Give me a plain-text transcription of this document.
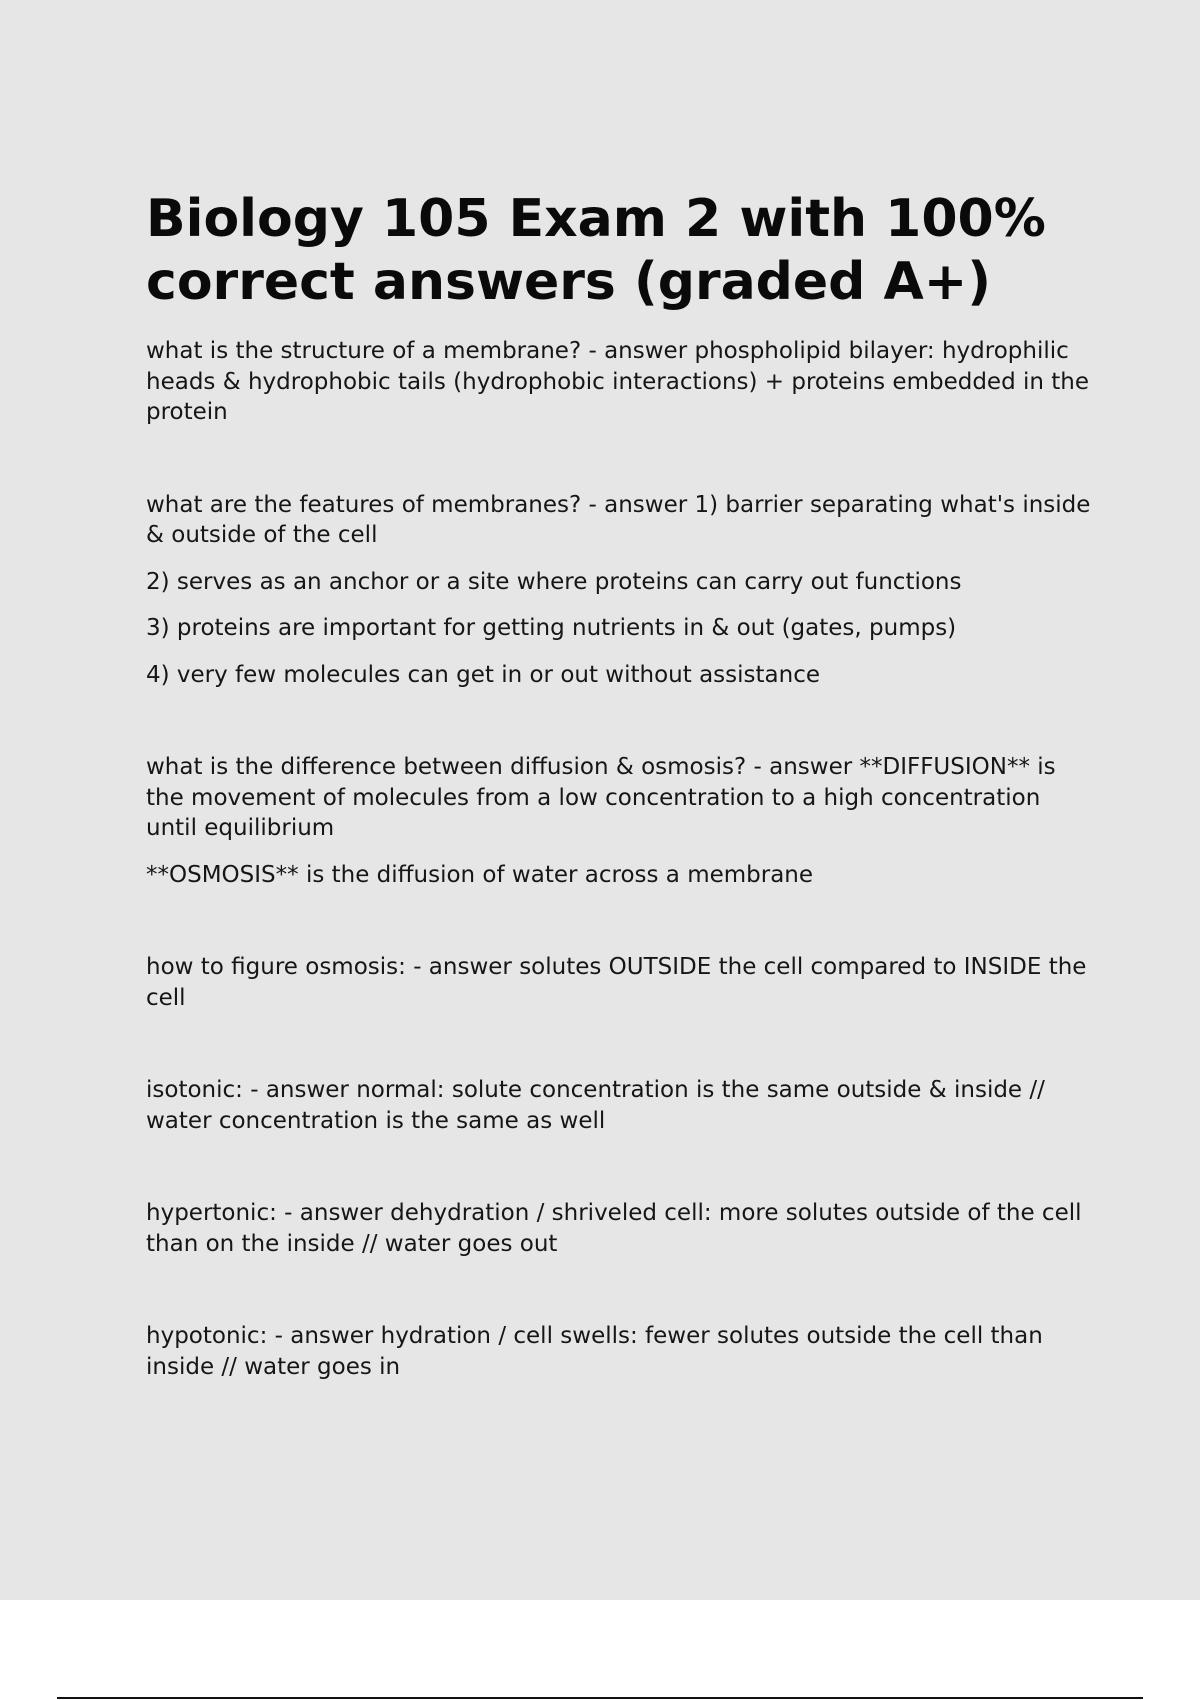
Biology 105 Exam 2 with 100% correct answers (graded A+)

what is the structure of a membrane? - answer phospholipid bilayer: hydrophilic heads & hydrophobic tails (hydrophobic interactions) + proteins embedded in the protein

what are the features of membranes? - answer 1) barrier separating what's inside & outside of the cell

2) serves as an anchor or a site where proteins can carry out functions

3) proteins are important for getting nutrients in & out (gates, pumps)

4) very few molecules can get in or out without assistance

what is the difference between diffusion & osmosis? - answer **DIFFUSION** is the movement of molecules from a low concentration to a high concentration until equilibrium

**OSMOSIS** is the diffusion of water across a membrane

how to figure osmosis: - answer solutes OUTSIDE the cell compared to INSIDE the cell

isotonic: - answer normal: solute concentration is the same outside & inside // water concentration is the same as well

hypertonic: - answer dehydration / shriveled cell: more solutes outside of the cell than on the inside // water goes out

hypotonic: - answer hydration / cell swells: fewer solutes outside the cell than inside // water goes in
